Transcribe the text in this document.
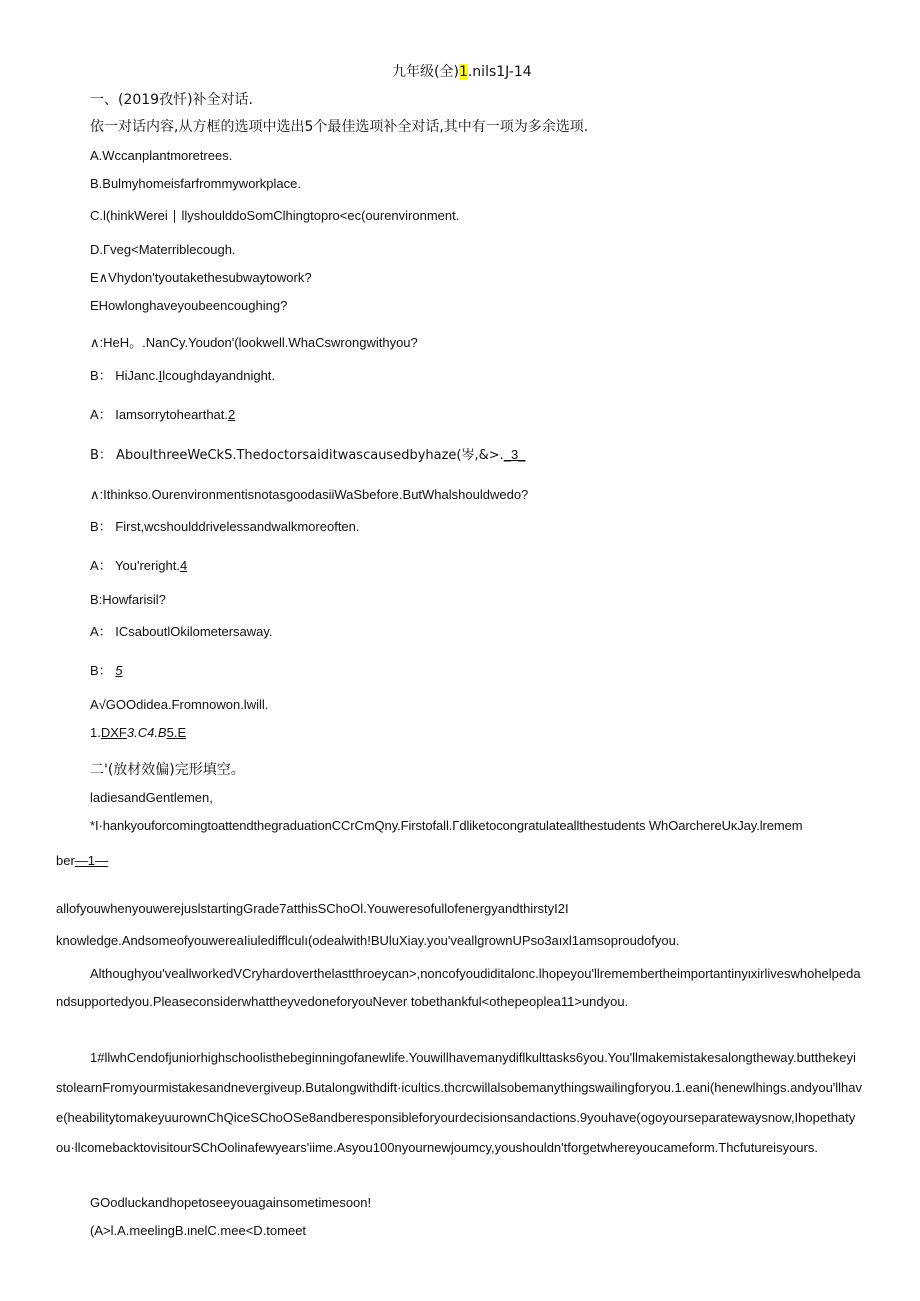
九年级(全)1.nils1J-14
一、(2019孜忏)补全对话.
依一对话内容,从方框的选项中选出5个最佳选项补全对话,其中有一项为多余选项.
A.Wccanplantmoretrees.
B.Bulmyhomeisfarfrommyworkplace.
C.l(hinkWerei ∣ llyshoulddoSomClhingtopro<ec(ourenvironment.
D.Γveg<Materriblecough.
E∧Vhydon'tyoutakethesubwaytowork?
EHowlonghaveyoubeencoughing?
∧:HeH。.NanCy.Youdon'(lookwell.WhaCswrongwithyou?
B： HiJanc.Ilcoughdayandnight.
A： Iamsorrytohearthat.2
B： AboulthreeWeCkS.Thedoctorsaiditwascausedbyhaze(岑,&>._3_
∧:Ithinkso.OurenvironmentisnotasgoodasiiWaSbefore.ButWhalshouldwedo?
B： First,wcshoulddrivelessandwalkmoreoften.
A： You'reright.4
B:Howfarisil?
A： ICsaboutlOkilometersaway.
B： 5
A√GOOdidea.Fromnowon.lwill.
1.DXF3.C4.B5.E
二'(放材效偏)完形填空。
ladiesandGentlemen,
*I·hankyouforcomingtoattendthegraduationCCrCmQny.Firstofall.Γdliketocongratulateallthestudents WhOarchereUκJay.lremem
ber—1—
allofyouwhenyouwerejuslstartingGrade7atthisSChoOl.YouweresofullofenergyandthirstyI2I knowledge.AndsomeofyouwereaIiuledifflculı(odealwith!BUluXiay.you'veallgrownUPso3aıxl1amsoproudofyou.
Althoughyou'veallworkedVCryhardoverthelastthroeycan>,noncofyoudiditalonc.lhopeyou'llremembertheimportantinyιxirliveswhohelpedandsupportedyou.PleaseconsiderwhattheyvedoneforyouNever tobethankful<othepeoplea11>undyou.
1#llwhCendofjuniorhighschoolisthebeginningofanewlife.Youwillhavemanydiflkulttasks6you.You'llmakemistakesalongtheway.butthekeyistolearnFromyourmistakesandnevergiveup.Butalongwithdift·icultics.thcrcwillalsobemanythingswailingforyou.1.eani(henewlhings.andyou'llhave(heabilitytomakeyuurownChQiceSChoOSe8andberesponsibleforyourdecisionsandactions.9youhave(ogoyourseparatewaysnow,Ihopethatyou·llcomebacktovisitourSChOolinafewyears'iime.Asyou100nyournewjoumcy,youshouldn'tforgetwhereyoucameform.Thcfutureisyours.
GOodluckandhopetoseeyouagainsometimesoon!
(A>l.A.meelingB.ιnelC.mee<D.tomeet
